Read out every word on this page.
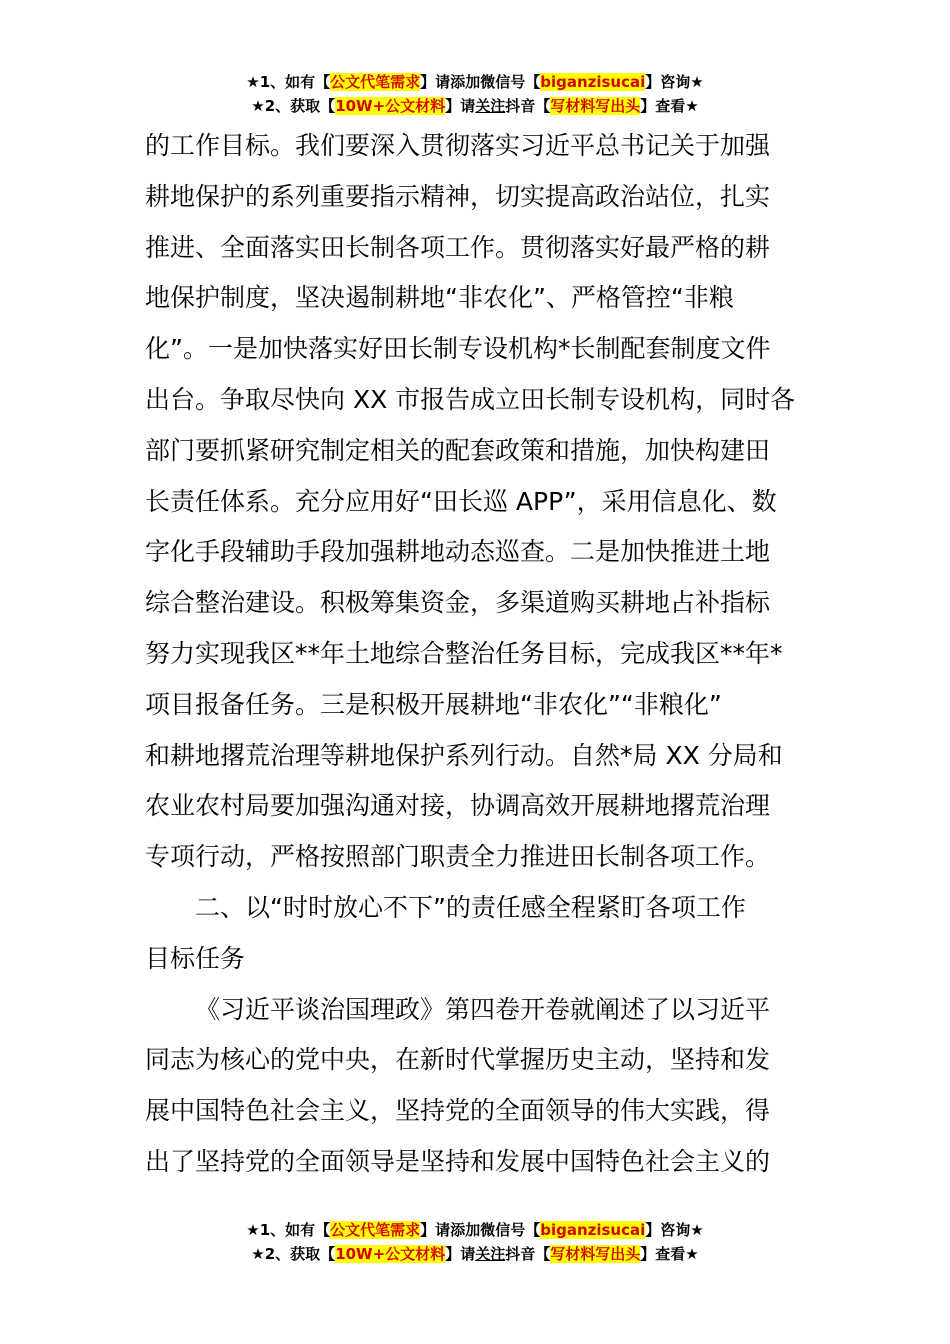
★1、如有【公文代笔需求】请添加微信号【biganzisucai】咨询★
★2、获取【10W+公文材料】请关注抖音【写材料写出头】查看★
的工作目标。我们要深入贯彻落实习近平总书记关于加强
耕地保护的系列重要指示精神，切实提高政治站位，扎实
推进、全面落实田长制各项工作。贯彻落实好最严格的耕
地保护制度，坚决遏制耕地“非农化”、严格管控“非粮
化”。一是加快落实好田长制专设机构*长制配套制度文件
出台。争取尽快向 XX 市报告成立田长制专设机构，同时各
部门要抓紧研究制定相关的配套政策和措施，加快构建田
长责任体系。充分应用好“田长巡 APP”，采用信息化、数
字化手段辅助手段加强耕地动态巡查。二是加快推进土地
综合整治建设。积极筹集资金，多渠道购买耕地占补指标
努力实现我区**年土地综合整治任务目标，完成我区**年*
项目报备任务。三是积极开展耕地“非农化”“非粮化”
和耕地撂荒治理等耕地保护系列行动。自然*局 XX 分局和
农业农村局要加强沟通对接，协调高效开展耕地撂荒治理
专项行动，严格按照部门职责全力推进田长制各项工作。
二、以“时时放心不下”的责任感全程紧盯各项工作
目标任务
《习近平谈治国理政》第四卷开卷就阐述了以习近平
同志为核心的党中央，在新时代掌握历史主动，坚持和发
展中国特色社会主义，坚持党的全面领导的伟大实践，得
出了坚持党的全面领导是坚持和发展中国特色社会主义的
★1、如有【公文代笔需求】请添加微信号【biganzisucai】咨询★
★2、获取【10W+公文材料】请关注抖音【写材料写出头】查看★
